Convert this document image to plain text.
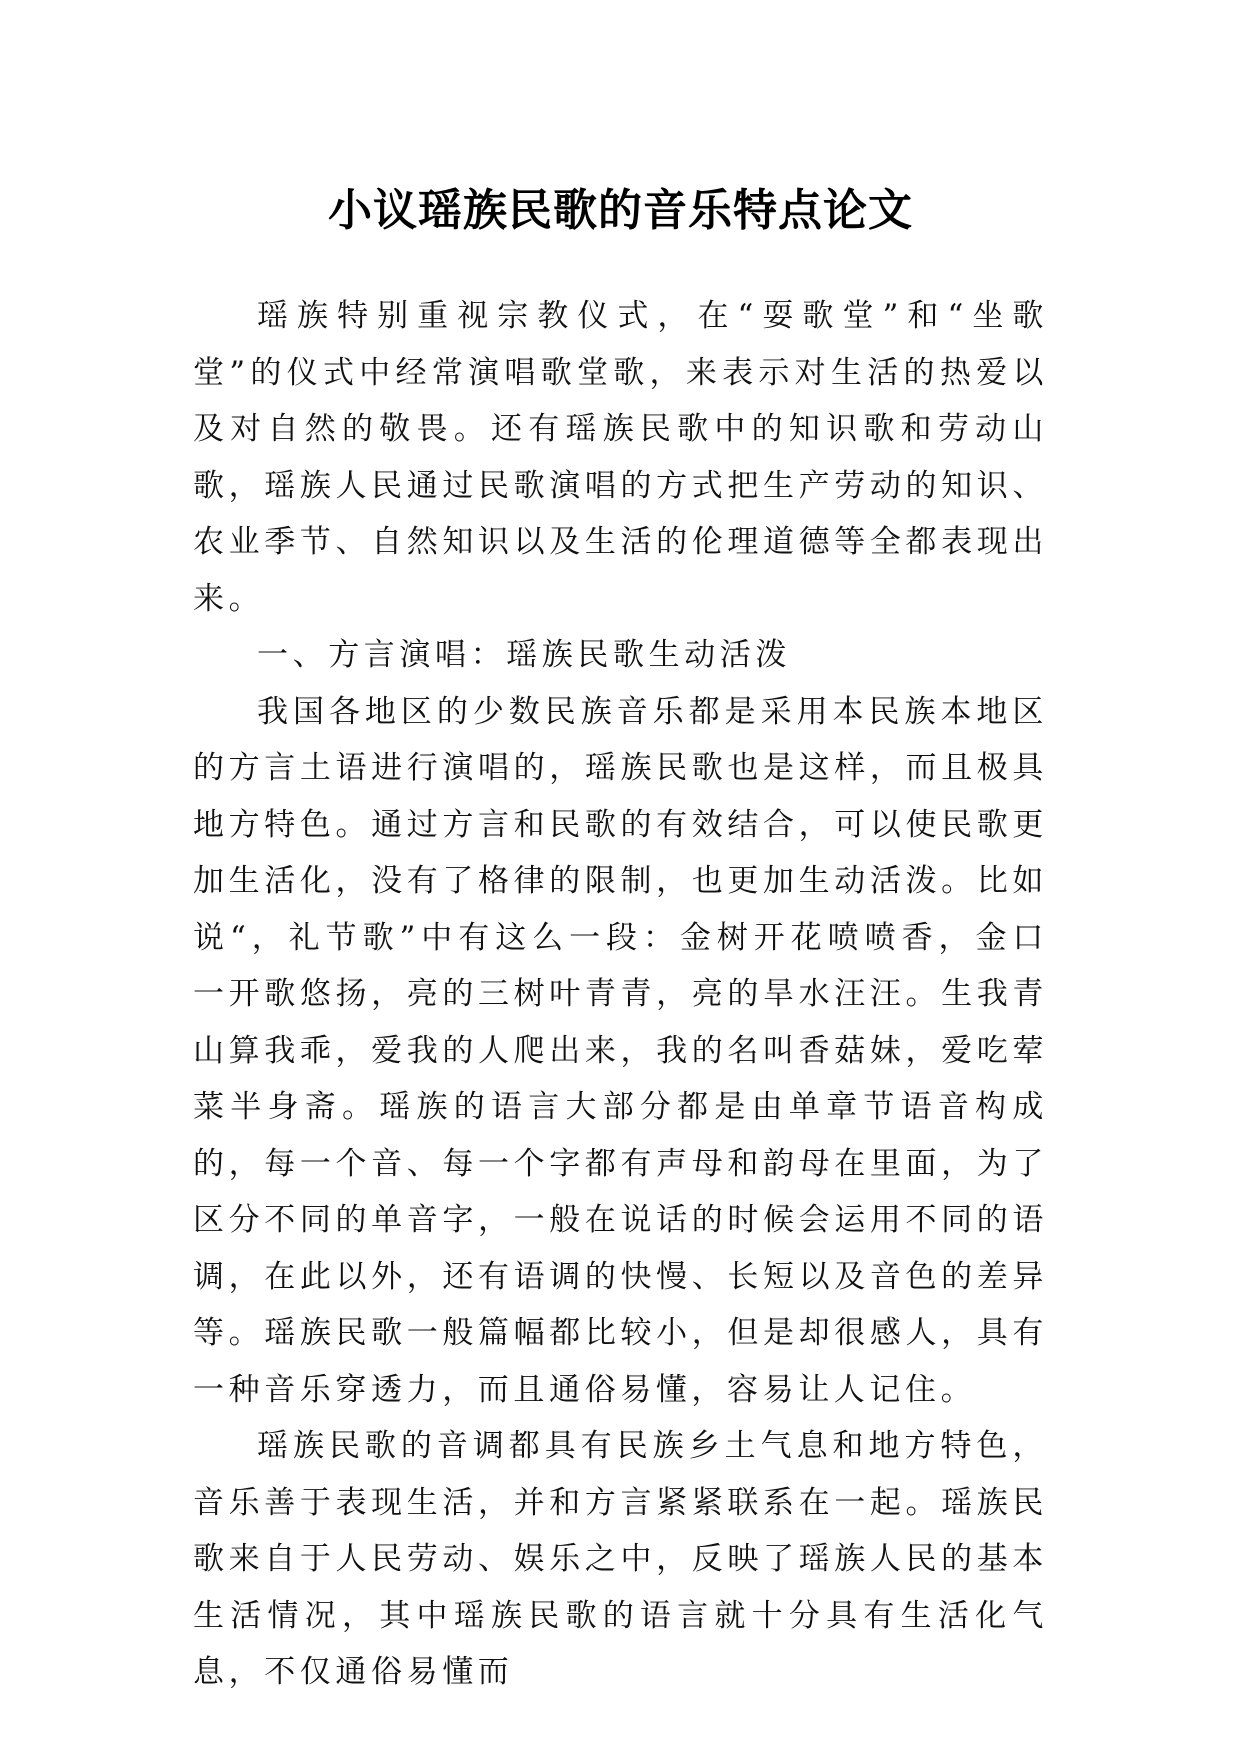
小议瑶族民歌的音乐特点论文

瑶族特别重视宗教仪式，在“耍歌堂”和“坐歌堂”的仪式中经常演唱歌堂歌，来表示对生活的热爱以及对自然的敬畏。还有瑶族民歌中的知识歌和劳动山歌，瑶族人民通过民歌演唱的方式把生产劳动的知识、农业季节、自然知识以及生活的伦理道德等全都表现出来。

一、方言演唱：瑶族民歌生动活泼

我国各地区的少数民族音乐都是采用本民族本地区的方言土语进行演唱的，瑶族民歌也是这样，而且极具地方特色。通过方言和民歌的有效结合，可以使民歌更加生活化，没有了格律的限制，也更加生动活泼。比如说“，礼节歌”中有这么一段：金树开花喷喷香，金口一开歌悠扬，亮的三树叶青青，亮的旱水汪汪。生我青山算我乖，爱我的人爬出来，我的名叫香菇妹，爱吃荤菜半身斋。瑶族的语言大部分都是由单章节语音构成的，每一个音、每一个字都有声母和韵母在里面，为了区分不同的单音字，一般在说话的时候会运用不同的语调，在此以外，还有语调的快慢、长短以及音色的差异等。瑶族民歌一般篇幅都比较小，但是却很感人，具有一种音乐穿透力，而且通俗易懂，容易让人记住。

瑶族民歌的音调都具有民族乡土气息和地方特色，音乐善于表现生活，并和方言紧紧联系在一起。瑶族民歌来自于人民劳动、娱乐之中，反映了瑶族人民的基本生活情况，其中瑶族民歌的语言就十分具有生活化气息，不仅通俗易懂而
